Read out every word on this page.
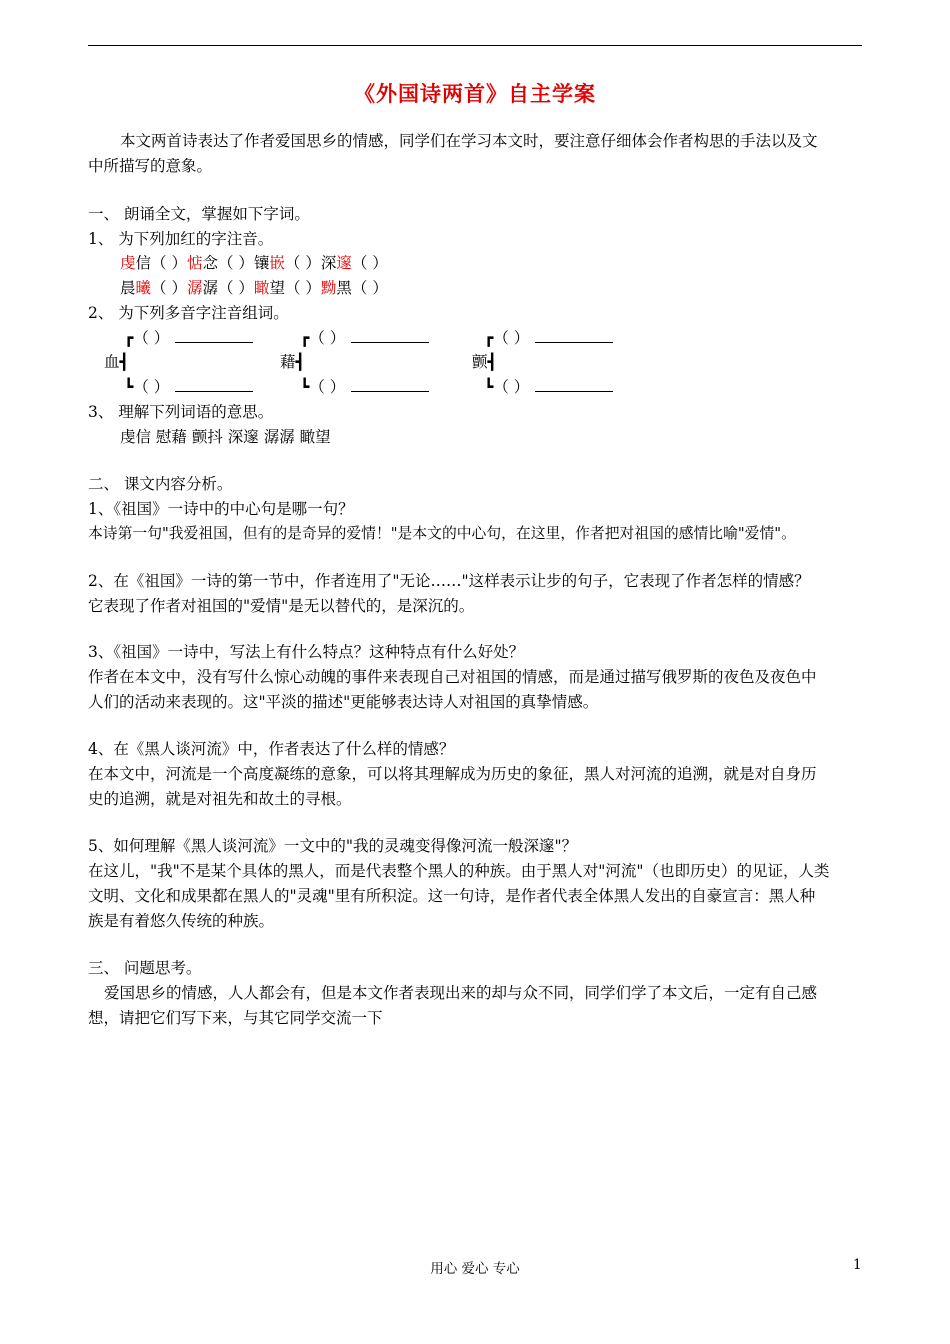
《外国诗两首》自主学案
本文两首诗表达了作者爱国思乡的情感，同学们在学习本文时，要注意仔细体会作者构思的手法以及文
中所描写的意象。
一、 朗诵全文，掌握如下字词。
1、 为下列加红的字注音。
虔信（ ）惦念（ ）镶嵌（ ）深邃（ ）
晨曦（ ）潺潺（ ）瞰望（ ）黝黑（ ）
2、 为下列多音字注音组词。
┏（ ）
血┫
┗（ ）
┏（ ）
藉┫
┗（ ）
┏（ ）
颤┫
┗（ ）
3、 理解下列词语的意思。
虔信 慰藉 颤抖 深邃 潺潺 瞰望
二、 课文内容分析。
1、《祖国》一诗中的中心句是哪一句？
本诗第一句"我爱祖国，但有的是奇异的爱情！"是本文的中心句，在这里，作者把对祖国的感情比喻"爱情"。
2、在《祖国》一诗的第一节中，作者连用了"无论……"这样表示让步的句子，它表现了作者怎样的情感？
它表现了作者对祖国的"爱情"是无以替代的，是深沉的。
3、《祖国》一诗中，写法上有什么特点？这种特点有什么好处？
作者在本文中，没有写什么惊心动魄的事件来表现自己对祖国的情感，而是通过描写俄罗斯的夜色及夜色中
人们的活动来表现的。这"平淡的描述"更能够表达诗人对祖国的真挚情感。
4、在《黑人谈河流》中，作者表达了什么样的情感？
在本文中，河流是一个高度凝练的意象，可以将其理解成为历史的象征，黑人对河流的追溯，就是对自身历
史的追溯，就是对祖先和故土的寻根。
5、如何理解《黑人谈河流》一文中的"我的灵魂变得像河流一般深邃"？
在这儿，"我"不是某个具体的黑人，而是代表整个黑人的种族。由于黑人对"河流"（也即历史）的见证，人类
文明、文化和成果都在黑人的"灵魂"里有所积淀。这一句诗，是作者代表全体黑人发出的自豪宣言：黑人种
族是有着悠久传统的种族。
三、 问题思考。
爱国思乡的情感，人人都会有，但是本文作者表现出来的却与众不同，同学们学了本文后，一定有自己感
想，请把它们写下来，与其它同学交流一下
用心 爱心 专心	1
